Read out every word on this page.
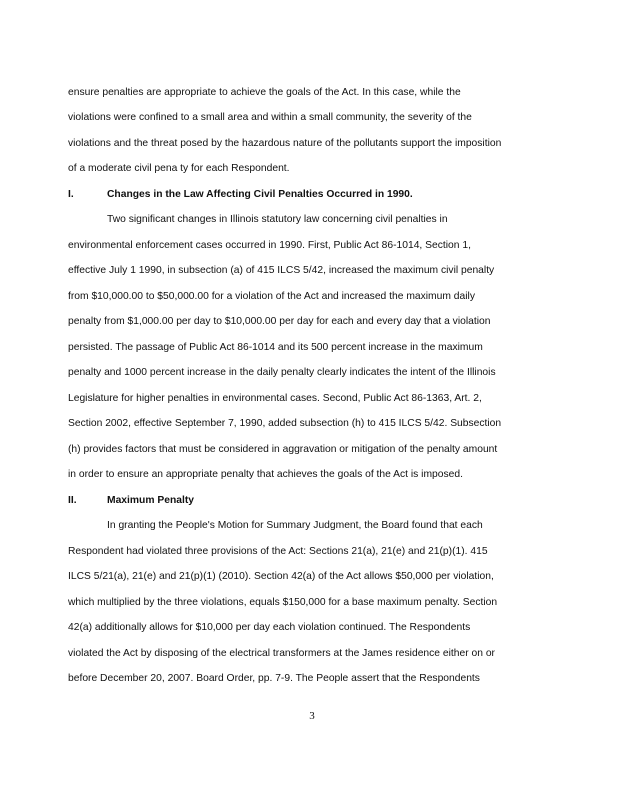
ensure penalties are appropriate to achieve the goals of the Act. In this case, while the
violations were confined to a small area and within a small community, the severity of the
violations and the threat posed by the hazardous nature of the pollutants support the imposition
of a moderate civil pena ty for each Respondent.
I.	Changes in the Law Affecting Civil Penalties Occurred in 1990.
Two significant changes in Illinois statutory law concerning civil penalties in
environmental enforcement cases occurred in 1990. First, Public Act 86-1014, Section 1,
effective July 1 1990, in subsection (a) of 415 ILCS 5/42, increased the maximum civil penalty
from $10,000.00 to $50,000.00 for a violation of the Act and increased the maximum daily
penalty from $1,000.00 per day to $10,000.00 per day for each and every day that a violation
persisted. The passage of Public Act 86-1014 and its 500 percent increase in the maximum
penalty and 1000 percent increase in the daily penalty clearly indicates the intent of the Illinois
Legislature for higher penalties in environmental cases. Second, Public Act 86-1363, Art. 2,
Section 2002, effective September 7, 1990, added subsection (h) to 415 ILCS 5/42. Subsection
(h) provides factors that must be considered in aggravation or mitigation of the penalty amount
in order to ensure an appropriate penalty that achieves the goals of the Act is imposed.
II.	Maximum Penalty
In granting the People's Motion for Summary Judgment, the Board found that each
Respondent had violated three provisions of the Act: Sections 21(a), 21(e) and 21(p)(1). 415
ILCS 5/21(a), 21(e) and 21(p)(1) (2010). Section 42(a) of the Act allows $50,000 per violation,
which multiplied by the three violations, equals $150,000 for a base maximum penalty. Section
42(a) additionally allows for $10,000 per day each violation continued. The Respondents
violated the Act by disposing of the electrical transformers at the James residence either on or
before December 20, 2007. Board Order, pp. 7-9. The People assert that the Respondents
3
